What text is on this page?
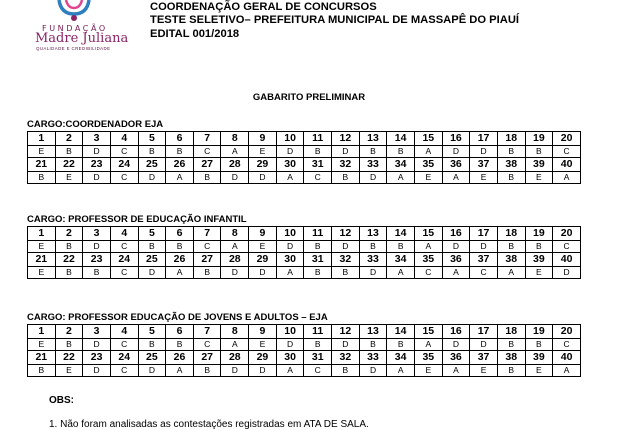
FUNDAÇÃO
Madre Juliana
QUALIDADE E CREDIBILIDADE
COORDENAÇÃO GERAL DE CONCURSOS
TESTE SELETIVO– PREFEITURA MUNICIPAL DE MASSAPÊ DO PIAUÍ
EDITAL 001/2018
GABARITO PRELIMINAR
CARGO:COORDENADOR EJA
1	2	3	4	5	6	7	8	9	10	11	12	13	14	15	16	17	18	19	20
E	B	D	C	B	B	C	A	E	D	B	D	B	B	A	D	D	B	B	C
21	22	23	24	25	26	27	28	29	30	31	32	33	34	35	36	37	38	39	40
B	E	D	C	D	A	B	D	D	A	C	B	D	A	E	A	E	B	E	A
CARGO: PROFESSOR DE EDUCAÇÃO INFANTIL
1	2	3	4	5	6	7	8	9	10	11	12	13	14	15	16	17	18	19	20
E	B	D	C	B	B	C	A	E	D	B	D	B	B	A	D	D	B	B	C
21	22	23	24	25	26	27	28	29	30	31	32	33	34	35	36	37	38	39	40
E	B	B	C	D	A	B	D	D	A	B	B	D	A	C	A	C	A	E	D
CARGO: PROFESSOR EDUCAÇÃO DE JOVENS E ADULTOS – EJA
1	2	3	4	5	6	7	8	9	10	11	12	13	14	15	16	17	18	19	20
E	B	D	C	B	B	C	A	E	D	B	D	B	B	A	D	D	B	B	C
21	22	23	24	25	26	27	28	29	30	31	32	33	34	35	36	37	38	39	40
B	E	D	C	D	A	B	D	D	A	C	B	D	A	E	A	E	B	E	A
OBS:
1. Não foram analisadas as contestações registradas em ATA DE SALA.
